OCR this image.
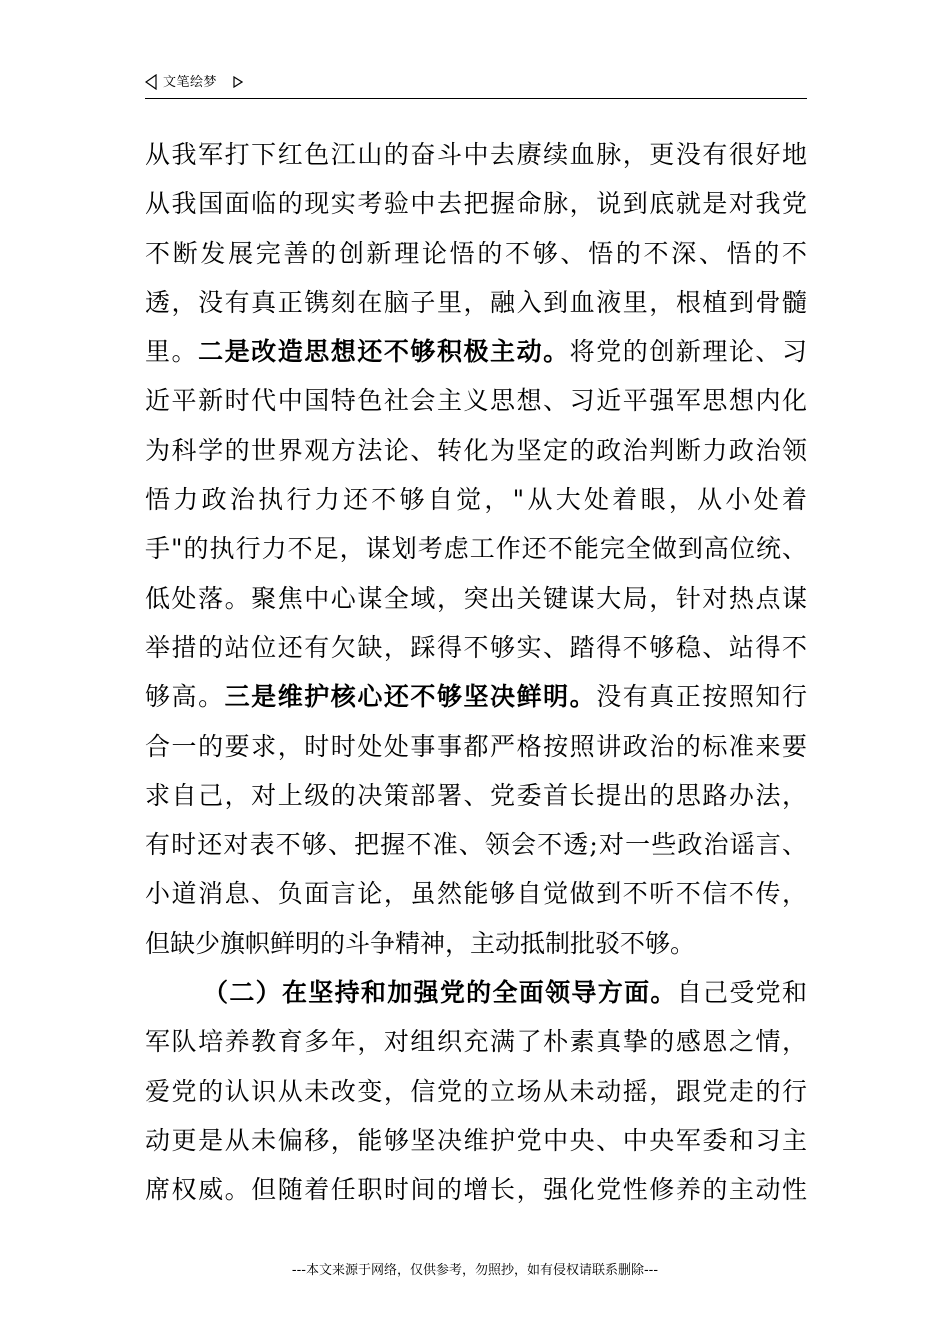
文笔绘梦
从我军打下红色江山的奋斗中去赓续血脉，更没有很好地
从我国面临的现实考验中去把握命脉，说到底就是对我党
不断发展完善的创新理论悟的不够、悟的不深、悟的不
透，没有真正镌刻在脑子里，融入到血液里，根植到骨髓
里。二是改造思想还不够积极主动。将党的创新理论、习
近平新时代中国特色社会主义思想、习近平强军思想内化
为科学的世界观方法论、转化为坚定的政治判断力政治领
悟力政治执行力还不够自觉，"从大处着眼，从小处着
手"的执行力不足，谋划考虑工作还不能完全做到高位统、
低处落。聚焦中心谋全域，突出关键谋大局，针对热点谋
举措的站位还有欠缺，踩得不够实、踏得不够稳、站得不
够高。三是维护核心还不够坚决鲜明。没有真正按照知行
合一的要求，时时处处事事都严格按照讲政治的标准来要
求自己，对上级的决策部署、党委首长提出的思路办法，
有时还对表不够、把握不准、领会不透;对一些政治谣言、
小道消息、负面言论，虽然能够自觉做到不听不信不传，
但缺少旗帜鲜明的斗争精神，主动抵制批驳不够。
（二）在坚持和加强党的全面领导方面。自己受党和
军队培养教育多年，对组织充满了朴素真挚的感恩之情，
爱党的认识从未改变，信党的立场从未动摇，跟党走的行
动更是从未偏移，能够坚决维护党中央、中央军委和习主
席权威。但随着任职时间的增长，强化党性修养的主动性
---本文来源于网络，仅供参考，勿照抄，如有侵权请联系删除---
